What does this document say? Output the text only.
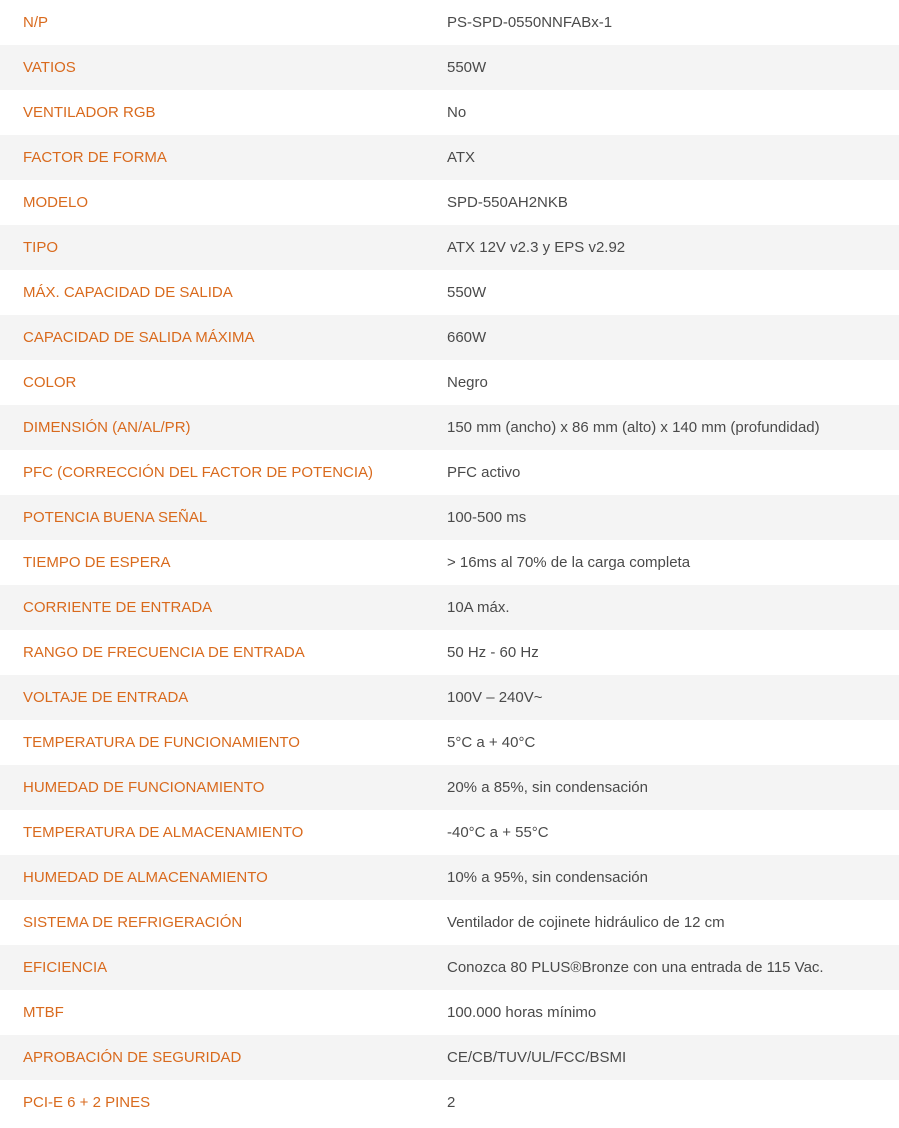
N/P	PS-SPD-0550NNFABx-1
VATIOS	550W
VENTILADOR RGB	No
FACTOR DE FORMA	ATX
MODELO	SPD-550AH2NKB
TIPO	ATX 12V v2.3 y EPS v2.92
MÁX. CAPACIDAD DE SALIDA	550W
CAPACIDAD DE SALIDA MÁXIMA	660W
COLOR	Negro
DIMENSIÓN (AN/AL/PR)	150 mm (ancho) x 86 mm (alto) x 140 mm (profundidad)
PFC (CORRECCIÓN DEL FACTOR DE POTENCIA)	PFC activo
POTENCIA BUENA SEÑAL	100-500 ms
TIEMPO DE ESPERA	> 16ms al 70% de la carga completa
CORRIENTE DE ENTRADA	10A máx.
RANGO DE FRECUENCIA DE ENTRADA	50 Hz - 60 Hz
VOLTAJE DE ENTRADA	100V – 240V~
TEMPERATURA DE FUNCIONAMIENTO	5°C a + 40°C
HUMEDAD DE FUNCIONAMIENTO	20% a 85%, sin condensación
TEMPERATURA DE ALMACENAMIENTO	-40°C a + 55°C
HUMEDAD DE ALMACENAMIENTO	10% a 95%, sin condensación
SISTEMA DE REFRIGERACIÓN	Ventilador de cojinete hidráulico de 12 cm
EFICIENCIA	Conozca 80 PLUS®Bronze con una entrada de 115 Vac.
MTBF	100.000 horas mínimo
APROBACIÓN DE SEGURIDAD	CE/CB/TUV/UL/FCC/BSMI
PCI-E 6 + 2 PINES	2
